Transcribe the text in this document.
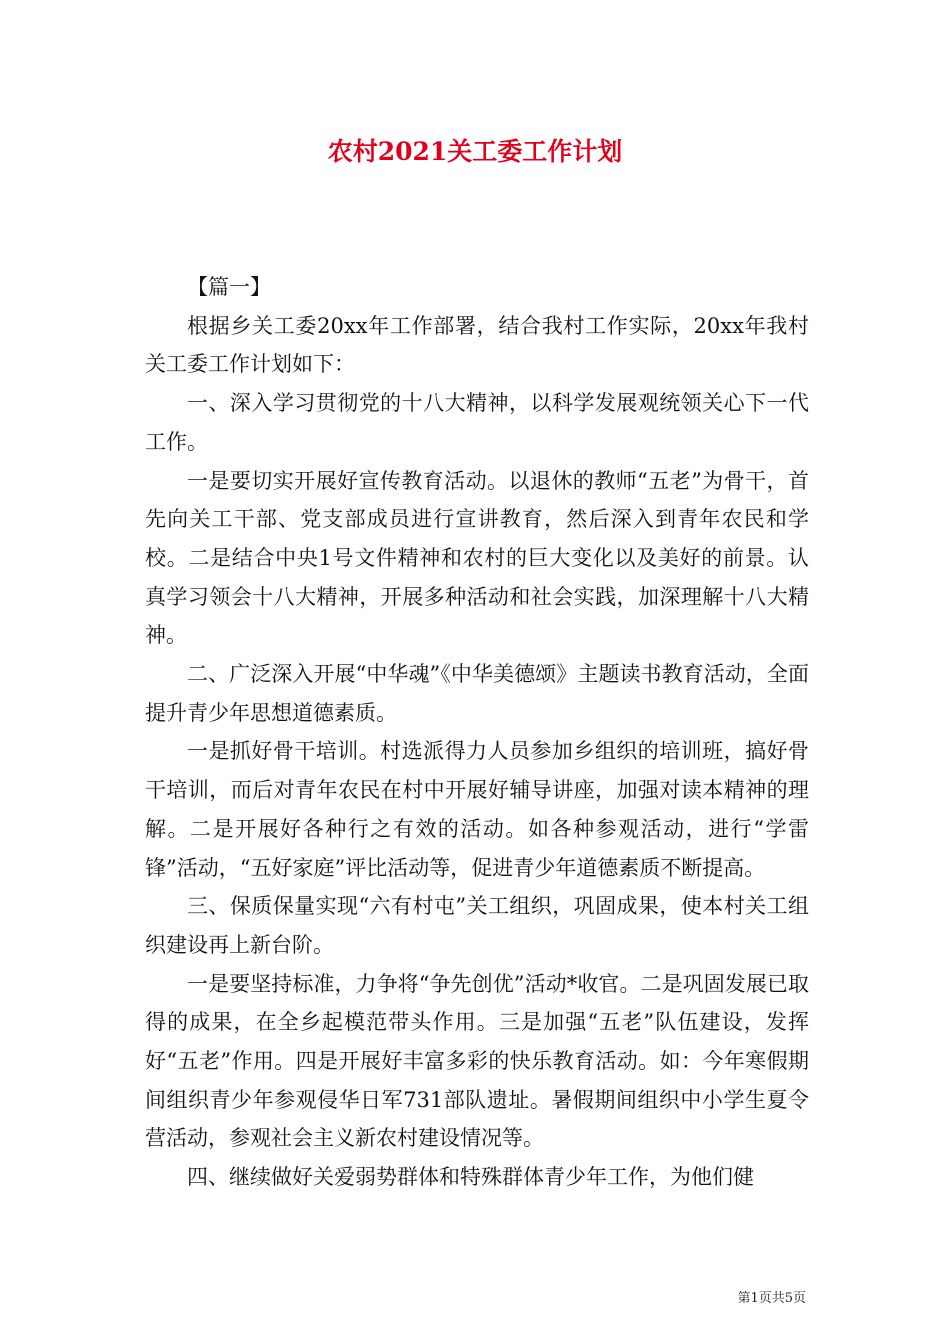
农村2021关工委工作计划

【篇一】

根据乡关工委20xx年工作部署，结合我村工作实际，20xx年我村关工委工作计划如下：

一、深入学习贯彻党的十八大精神，以科学发展观统领关心下一代工作。

一是要切实开展好宣传教育活动。以退休的教师“五老”为骨干，首先向关工干部、党支部成员进行宣讲教育，然后深入到青年农民和学校。二是结合中央1号文件精神和农村的巨大变化以及美好的前景。认真学习领会十八大精神，开展多种活动和社会实践，加深理解十八大精神。

二、广泛深入开展“中华魂”《中华美德颂》主题读书教育活动，全面提升青少年思想道德素质。

一是抓好骨干培训。村选派得力人员参加乡组织的培训班，搞好骨干培训，而后对青年农民在村中开展好辅导讲座，加强对读本精神的理解。二是开展好各种行之有效的活动。如各种参观活动，进行“学雷锋”活动，“五好家庭”评比活动等，促进青少年道德素质不断提高。

三、保质保量实现“六有村屯”关工组织，巩固成果，使本村关工组织建设再上新台阶。

一是要坚持标准，力争将“争先创优”活动*收官。二是巩固发展已取得的成果，在全乡起模范带头作用。三是加强“五老”队伍建设，发挥好“五老”作用。四是开展好丰富多彩的快乐教育活动。如：今年寒假期间组织青少年参观侵华日军731部队遗址。暑假期间组织中小学生夏令营活动，参观社会主义新农村建设情况等。

四、继续做好关爱弱势群体和特殊群体青少年工作，为他们健

第1页共5页
